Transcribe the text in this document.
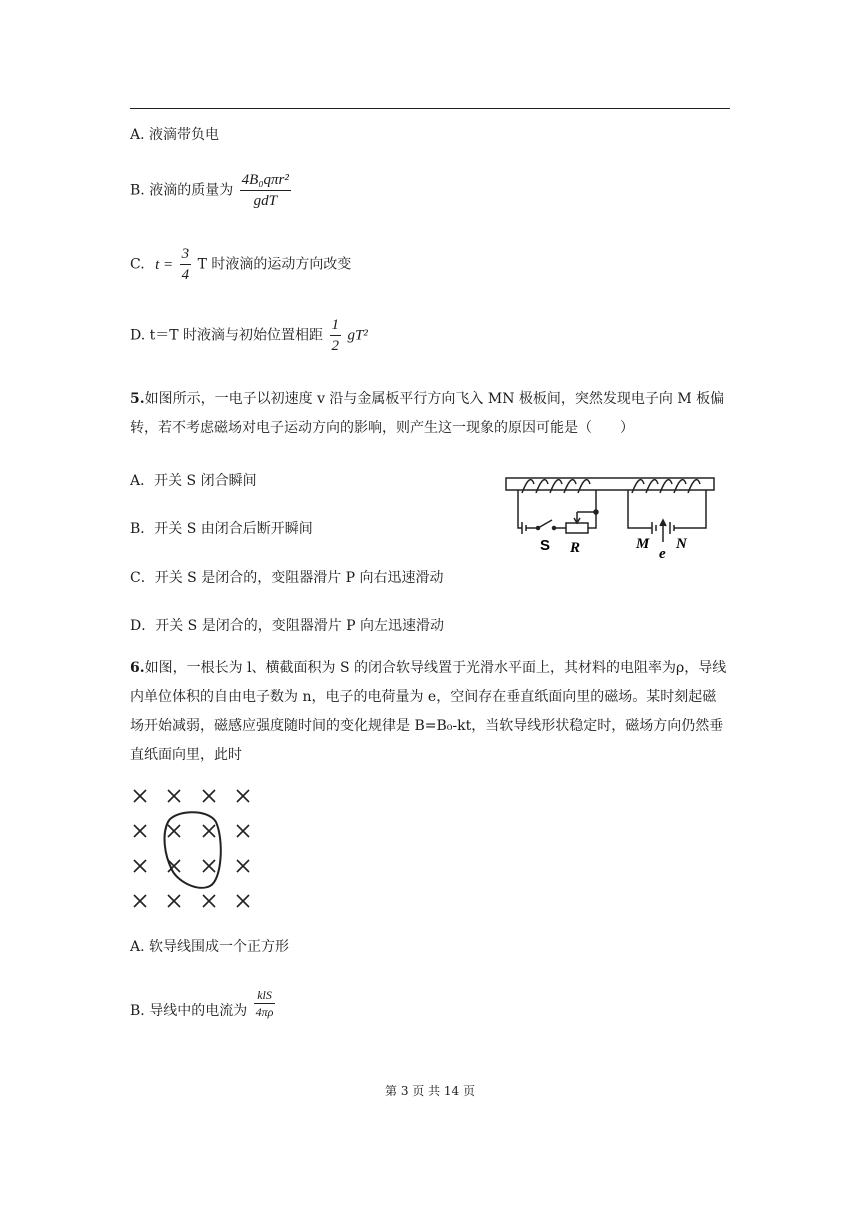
A. 液滴带负电
B. 液滴的质量为 $\frac{\text{4B₀qπr²}}{\text{gdT}}$
C. $t = \frac{3}{4}$ T 时液滴的运动方向改变
D. t＝T 时液滴与初始位置相距 $\frac{1}{2} gT^2$
5.如图所示，一电子以初速度 v 沿与金属板平行方向飞入 MN 极板间，突然发现电子向 M 板偏转，若不考虑磁场对电子运动方向的影响，则产生这一现象的原因可能是（　　）
A．开关 S 闭合瞬间
B．开关 S 由闭合后断开瞬间
C．开关 S 是闭合的，变阻器滑片 P 向右迅速滑动
D．开关 S 是闭合的，变阻器滑片 P 向左迅速滑动
S R	M
e
N
6.如图，一根长为 l、横截面积为 S 的闭合软导线置于光滑水平面上，其材料的电阻率为ρ，导线内单位体积的自由电子数为 n，电子的电荷量为 e，空间存在垂直纸面向里的磁场。某时刻起磁场开始减弱，磁感应强度随时间的变化规律是 B=B₀-kt，当软导线形状稳定时，磁场方向仍然垂直纸面向里，此时
A. 软导线围成一个正方形
B. 导线中的电流为 $\frac{\text{klS}}{4\pi\rho}$
第 3 页 共 14 页
